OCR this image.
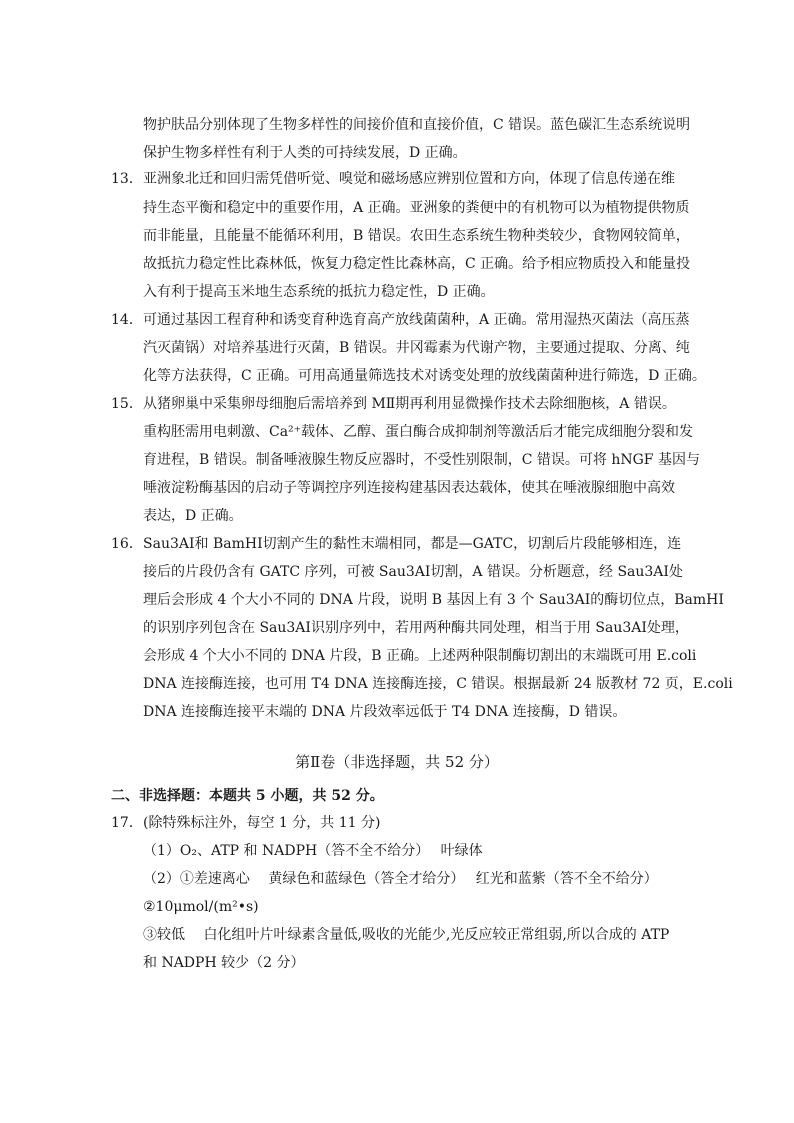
物护肤品分别体现了生物多样性的间接价值和直接价值，C 错误。蓝色碳汇生态系统说明
保护生物多样性有利于人类的可持续发展，D 正确。
13． 亚洲象北迁和回归需凭借听觉、嗅觉和磁场感应辨别位置和方向，体现了信息传递在维
持生态平衡和稳定中的重要作用，A 正确。亚洲象的粪便中的有机物可以为植物提供物质
而非能量，且能量不能循环利用，B 错误。农田生态系统生物种类较少，食物网较简单，
故抵抗力稳定性比森林低，恢复力稳定性比森林高，C 正确。给予相应物质投入和能量投
入有利于提高玉米地生态系统的抵抗力稳定性，D 正确。
14． 可通过基因工程育种和诱变育种选育高产放线菌菌种，A 正确。常用湿热灭菌法（高压蒸
汽灭菌锅）对培养基进行灭菌，B 错误。井冈霉素为代谢产物，主要通过提取、分离、纯
化等方法获得，C 正确。可用高通量筛选技术对诱变处理的放线菌菌种进行筛选，D 正确。
15． 从猪卵巢中采集卵母细胞后需培养到 MⅡ期再利用显微操作技术去除细胞核，A 错误。
重构胚需用电刺激、Ca²⁺载体、乙醇、蛋白酶合成抑制剂等激活后才能完成细胞分裂和发
育进程，B 错误。制备唾液腺生物反应器时，不受性别限制，C 错误。可将 hNGF 基因与
唾液淀粉酶基因的启动子等调控序列连接构建基因表达载体，使其在唾液腺细胞中高效
表达，D 正确。
16． Sau3AⅠ和 BamHⅠ切割产生的黏性末端相同，都是—GATC，切割后片段能够相连，连
接后的片段仍含有 GATC 序列，可被 Sau3AⅠ切割，A 错误。分析题意，经 Sau3AⅠ处
理后会形成 4 个大小不同的 DNA 片段，说明 B 基因上有 3 个 Sau3AⅠ的酶切位点，BamHⅠ
的识别序列包含在 Sau3AⅠ识别序列中，若用两种酶共同处理，相当于用 Sau3AⅠ处理，
会形成 4 个大小不同的 DNA 片段，B 正确。上述两种限制酶切割出的末端既可用 E.coli
DNA 连接酶连接，也可用 T4 DNA 连接酶连接，C 错误。根据最新 24 版教材 72 页，E.coli
DNA 连接酶连接平末端的 DNA 片段效率远低于 T4 DNA 连接酶，D 错误。
第Ⅱ卷（非选择题，共 52 分）
二、非选择题：本题共 5 小题，共 52 分。
17． (除特殊标注外，每空 1 分，共 11 分)
（1）O₂、ATP 和 NADPH（答不全不给分）　 叶绿体
（2）①差速离心　 黄绿色和蓝绿色（答全才给分）　 红光和蓝紫（答不全不给分）
②10μmol/(m²•s)
③较低　 白化组叶片叶绿素含量低,吸收的光能少,光反应较正常组弱,所以合成的 ATP
和 NADPH 较少（2 分）
